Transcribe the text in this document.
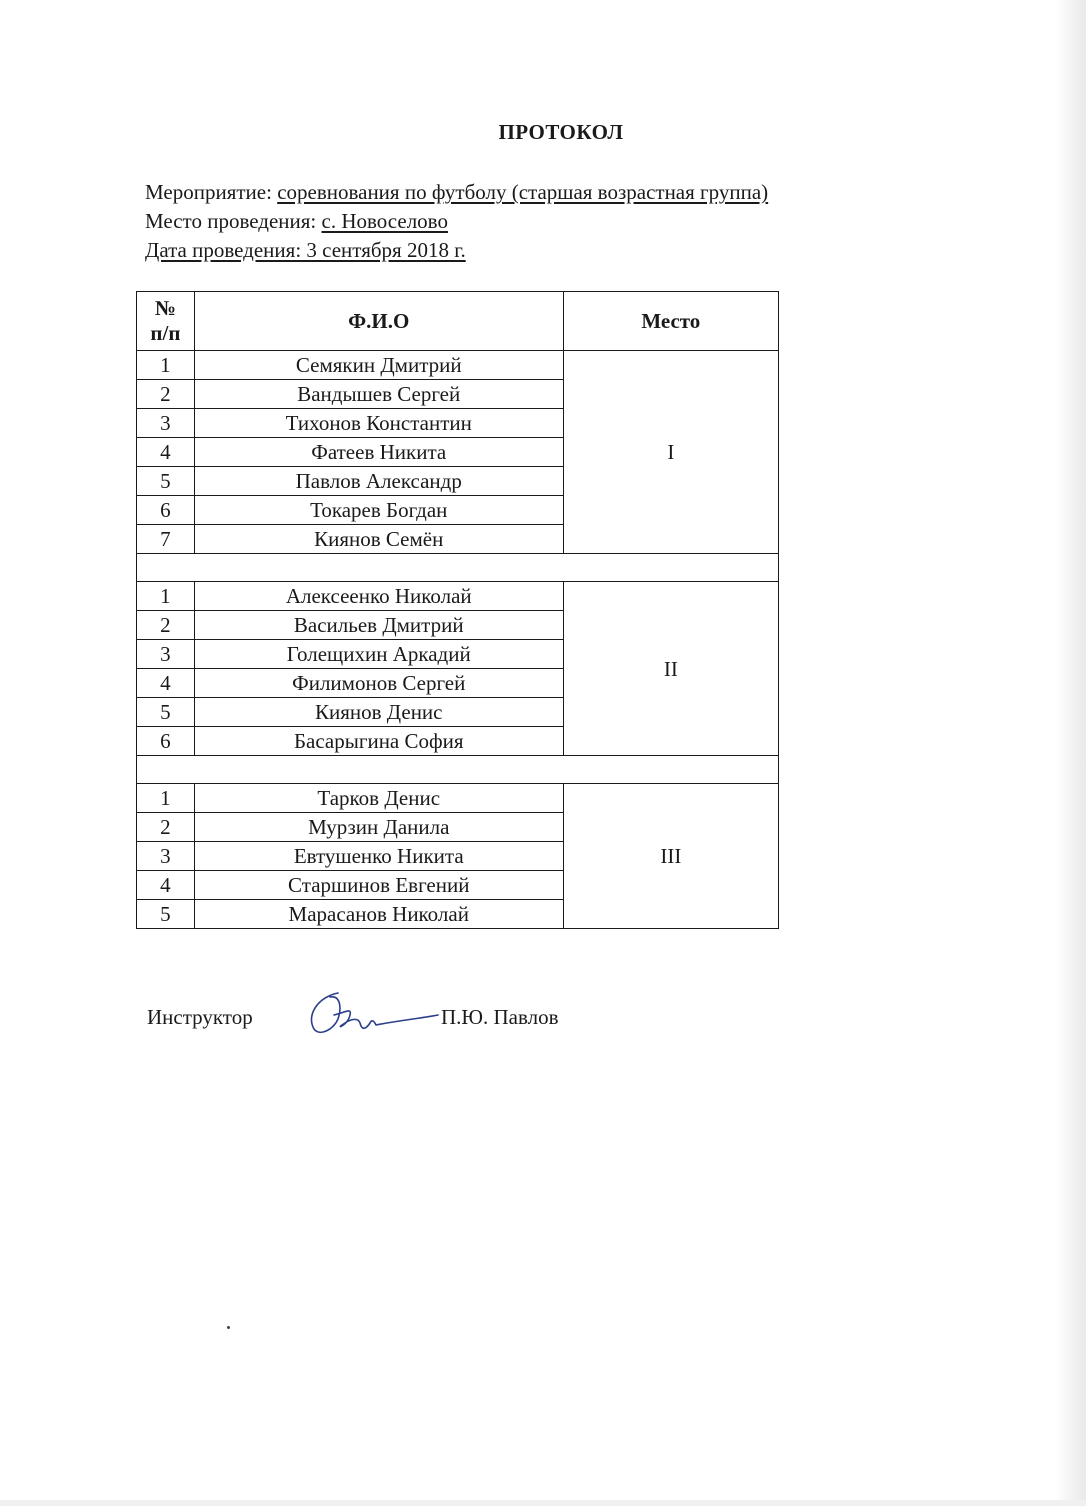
ПРОТОКОЛ
Мероприятие: соревнования по футболу (старшая возрастная группа)
Место проведения: с. Новоселово
Дата проведения: 3 сентября 2018 г.
№
п/п	Ф.И.О	Место
1	Семякин Дмитрий	I
2	Вандышев Сергей	
3	Тихонов Константин	
4	Фатеев Никита	
5	Павлов Александр	
6	Токарев Богдан	
7	Киянов Семён	

1	Алексеенко Николай	II
2	Васильев Дмитрий	
3	Голещихин Аркадий	
4	Филимонов Сергей	
5	Киянов Денис	
6	Басарыгина София	

1	Тарков Денис	III
2	Мурзин Данила	
3	Евтушенко Никита	
4	Старшинов Евгений	
5	Марасанов Николай	
Инструктор	П.Ю. Павлов
